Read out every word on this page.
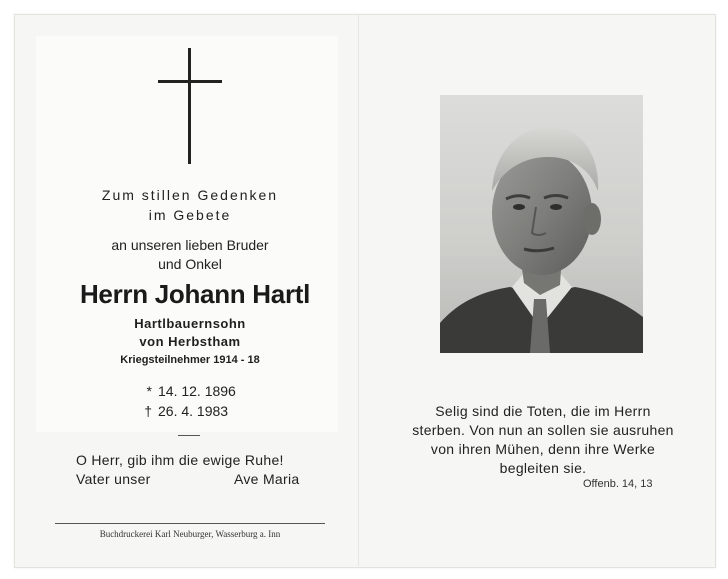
Zum stillen Gedenken
im Gebete
an unseren lieben Bruder
und Onkel
Herrn Johann Hartl
Hartlbauernsohn
von Herbstham
Kriegsteilnehmer 1914 - 18
* 14. 12. 1896
† 26. 4. 1983
O Herr, gib ihm die ewige Ruhe!
Vater unser	Ave Maria
Buchdruckerei Karl Neuburger, Wasserburg a. Inn
Selig sind die Toten, die im Herrn
sterben. Von nun an sollen sie ausruhen
von ihren Mühen, denn ihre Werke
begleiten sie.
Offenb. 14, 13
